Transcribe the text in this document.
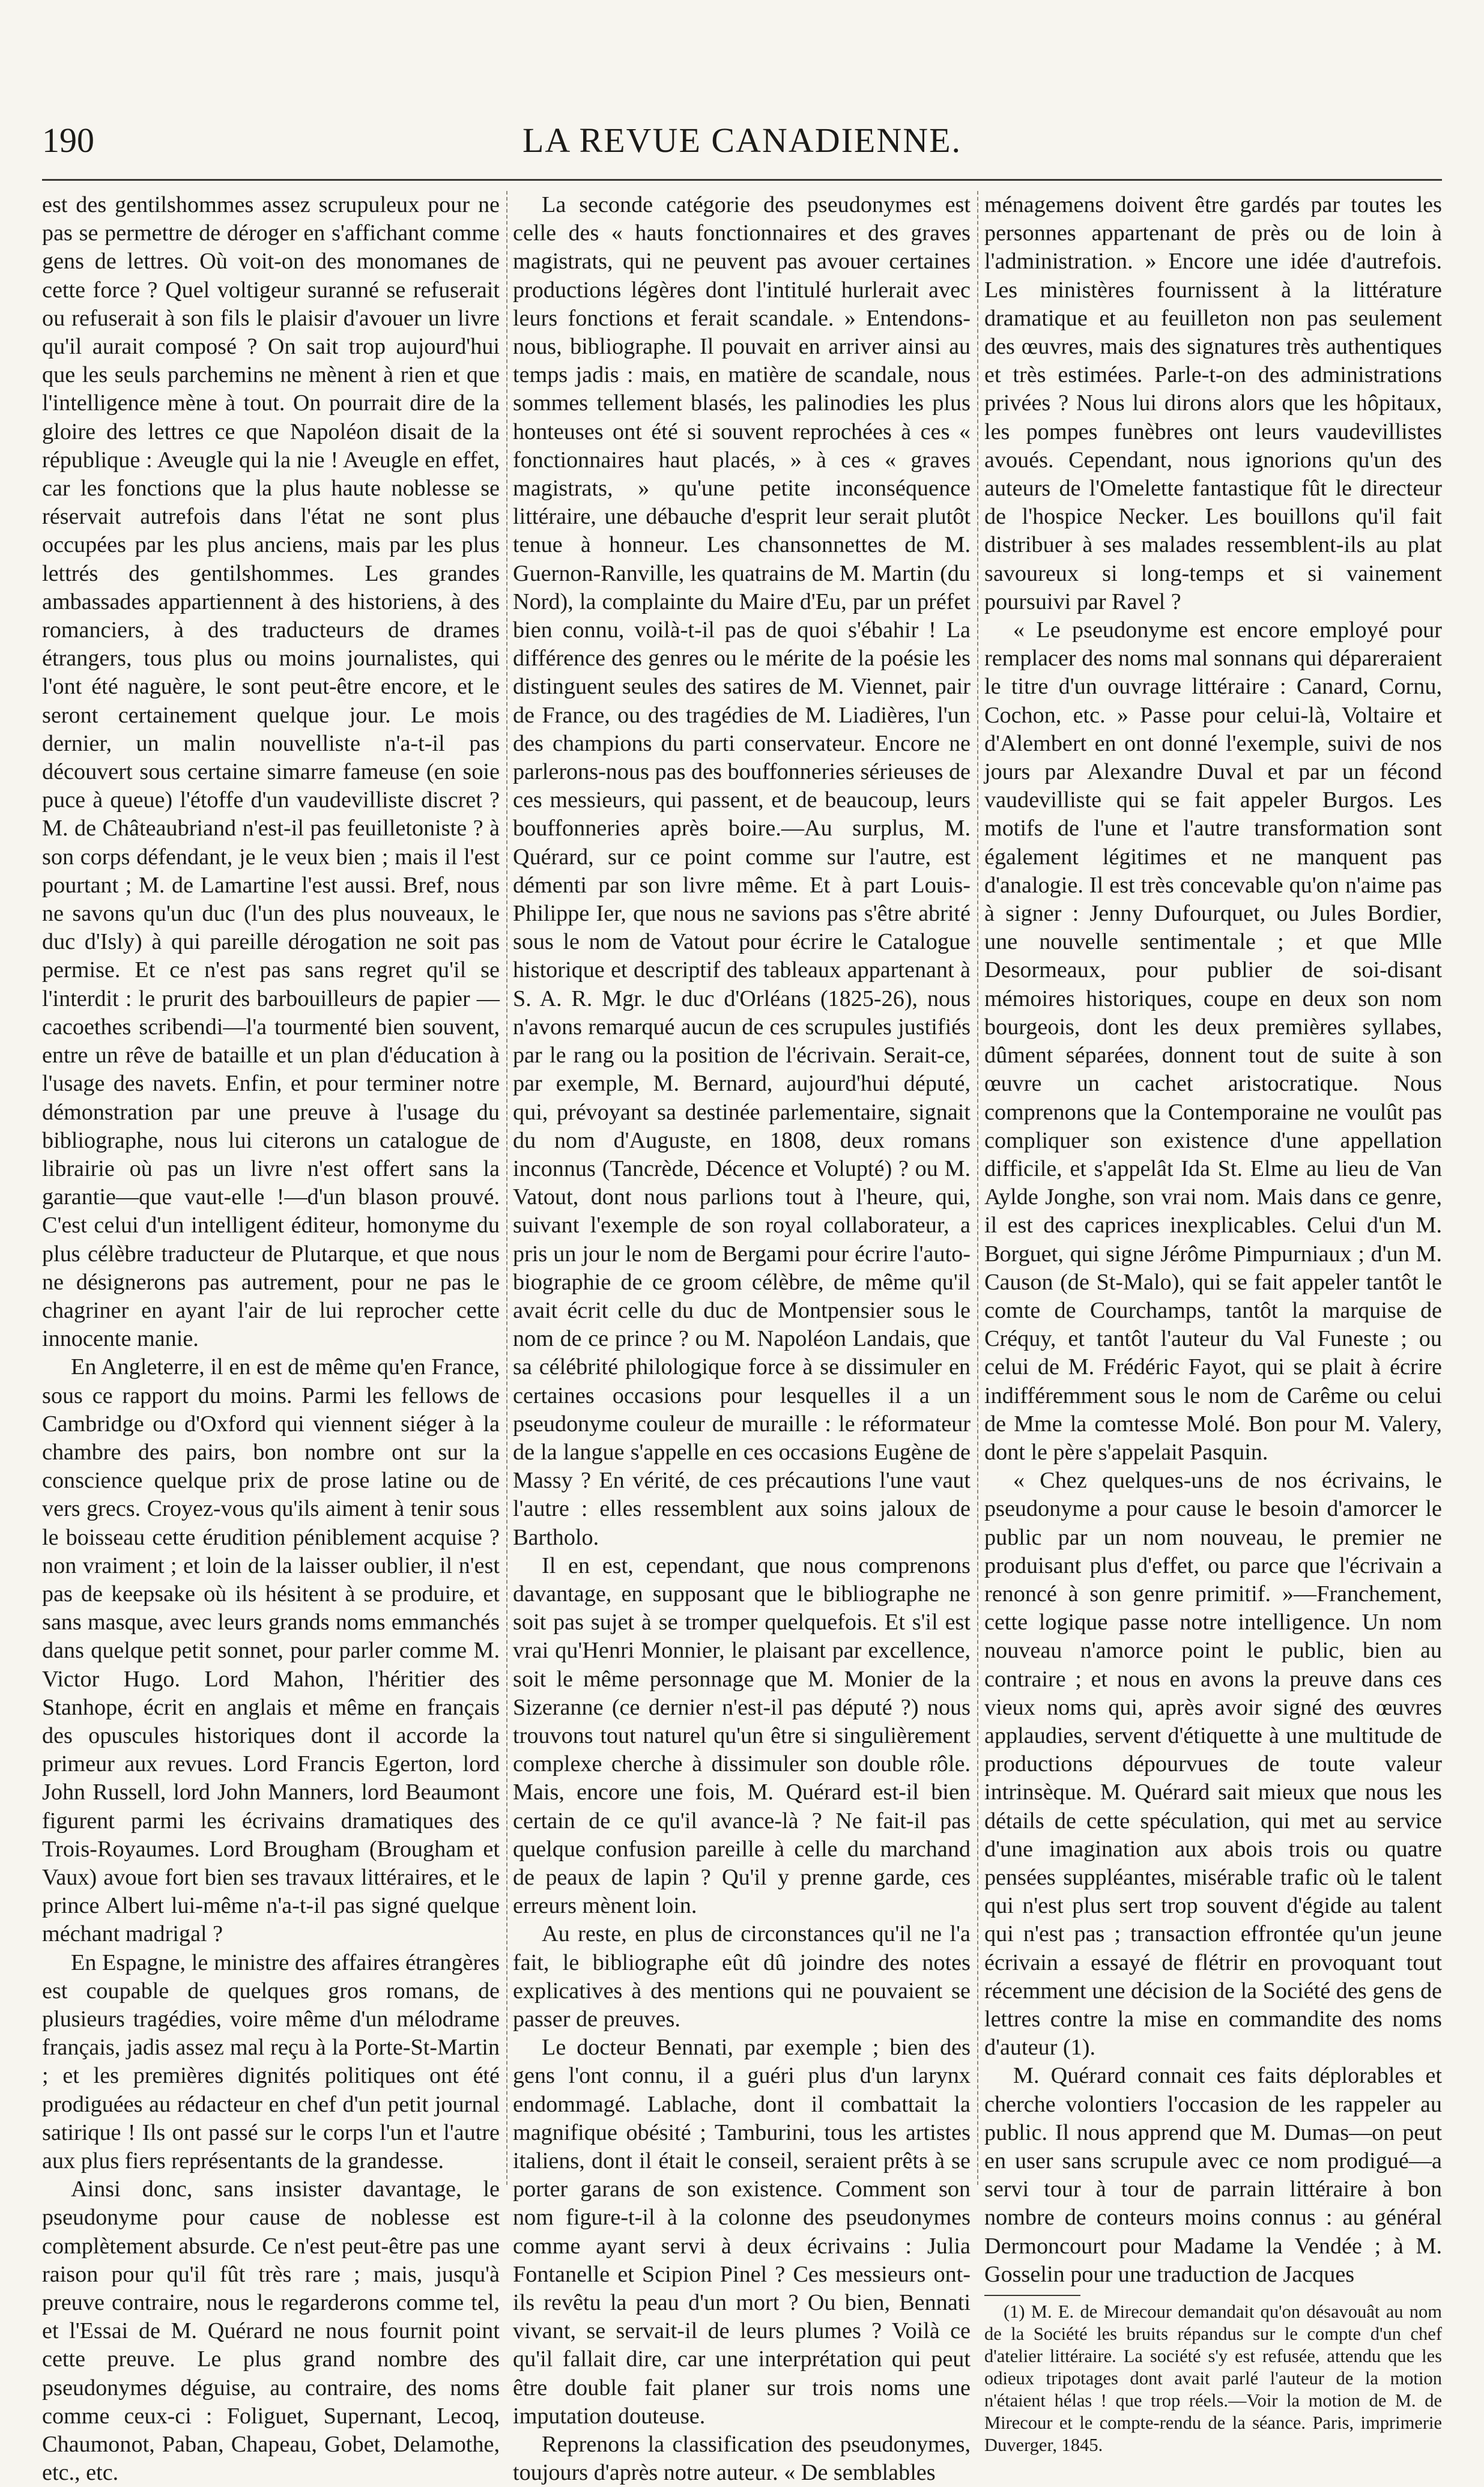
190	LA REVUE CANADIENNE.

est des gentilshommes assez scrupuleux pour ne pas se permettre de déroger en s'affichant comme gens de lettres. Où voit-on des monomanes de cette force ? Quel voltigeur suranné se refuserait ou refuserait à son fils le plaisir d'avouer un livre qu'il aurait composé ? On sait trop aujourd'hui que les seuls parchemins ne mènent à rien et que l'intelligence mène à tout. On pourrait dire de la gloire des lettres ce que Napoléon disait de la république : Aveugle qui la nie ! Aveugle en effet, car les fonctions que la plus haute noblesse se réservait autrefois dans l'état ne sont plus occupées par les plus anciens, mais par les plus lettrés des gentilshommes. Les grandes ambassades appartiennent à des historiens, à des romanciers, à des traducteurs de drames étrangers, tous plus ou moins journalistes, qui l'ont été naguère, le sont peut-être encore, et le seront certainement quelque jour. Le mois dernier, un malin nouvelliste n'a-t-il pas découvert sous certaine simarre fameuse (en soie puce à queue) l'étoffe d'un vaudevilliste discret ? M. de Châteaubriand n'est-il pas feuilletoniste ? à son corps défendant, je le veux bien ; mais il l'est pourtant ; M. de Lamartine l'est aussi. Bref, nous ne savons qu'un duc (l'un des plus nouveaux, le duc d'Isly) à qui pareille dérogation ne soit pas permise. Et ce n'est pas sans regret qu'il se l'interdit : le prurit des barbouilleurs de papier —cacoethes scribendi—l'a tourmenté bien souvent, entre un rêve de bataille et un plan d'éducation à l'usage des navets. Enfin, et pour terminer notre démonstration par une preuve à l'usage du bibliographe, nous lui citerons un catalogue de librairie où pas un livre n'est offert sans la garantie—que vaut-elle !—d'un blason prouvé. C'est celui d'un intelligent éditeur, homonyme du plus célèbre traducteur de Plutarque, et que nous ne désignerons pas autrement, pour ne pas le chagriner en ayant l'air de lui reprocher cette innocente manie.

En Angleterre, il en est de même qu'en France, sous ce rapport du moins. Parmi les fellows de Cambridge ou d'Oxford qui viennent siéger à la chambre des pairs, bon nombre ont sur la conscience quelque prix de prose latine ou de vers grecs. Croyez-vous qu'ils aiment à tenir sous le boisseau cette érudition péniblement acquise ? non vraiment ; et loin de la laisser oublier, il n'est pas de keepsake où ils hésitent à se produire, et sans masque, avec leurs grands noms emmanchés dans quelque petit sonnet, pour parler comme M. Victor Hugo. Lord Mahon, l'héritier des Stanhope, écrit en anglais et même en français des opuscules historiques dont il accorde la primeur aux revues. Lord Francis Egerton, lord John Russell, lord John Manners, lord Beaumont figurent parmi les écrivains dramatiques des Trois-Royaumes. Lord Brougham (Brougham et Vaux) avoue fort bien ses travaux littéraires, et le prince Albert lui-même n'a-t-il pas signé quelque méchant madrigal ?

En Espagne, le ministre des affaires étrangères est coupable de quelques gros romans, de plusieurs tragédies, voire même d'un mélodrame français, jadis assez mal reçu à la Porte-St-Martin ; et les premières dignités politiques ont été prodiguées au rédacteur en chef d'un petit journal satirique ! Ils ont passé sur le corps l'un et l'autre aux plus fiers représentants de la grandesse.

Ainsi donc, sans insister davantage, le pseudonyme pour cause de noblesse est complètement absurde. Ce n'est peut-être pas une raison pour qu'il fût très rare ; mais, jusqu'à preuve contraire, nous le regarderons comme tel, et l'Essai de M. Quérard ne nous fournit point cette preuve. Le plus grand nombre des pseudonymes déguise, au contraire, des noms comme ceux-ci : Foliguet, Supernant, Lecoq, Chaumonot, Paban, Chapeau, Gobet, Delamothe, etc., etc.

La seconde catégorie des pseudonymes est celle des « hauts fonctionnaires et des graves magistrats, qui ne peuvent pas avouer certaines productions légères dont l'intitulé hurlerait avec leurs fonctions et ferait scandale. » Entendons-nous, bibliographe. Il pouvait en arriver ainsi au temps jadis : mais, en matière de scandale, nous sommes tellement blasés, les palinodies les plus honteuses ont été si souvent reprochées à ces « fonctionnaires haut placés, » à ces « graves magistrats, » qu'une petite inconséquence littéraire, une débauche d'esprit leur serait plutôt tenue à honneur. Les chansonnettes de M. Guernon-Ranville, les quatrains de M. Martin (du Nord), la complainte du Maire d'Eu, par un préfet bien connu, voilà-t-il pas de quoi s'ébahir ! La différence des genres ou le mérite de la poésie les distinguent seules des satires de M. Viennet, pair de France, ou des tragédies de M. Liadières, l'un des champions du parti conservateur. Encore ne parlerons-nous pas des bouffonneries sérieuses de ces messieurs, qui passent, et de beaucoup, leurs bouffonneries après boire.—Au surplus, M. Quérard, sur ce point comme sur l'autre, est démenti par son livre même. Et à part Louis-Philippe Ier, que nous ne savions pas s'être abrité sous le nom de Vatout pour écrire le Catalogue historique et descriptif des tableaux appartenant à S. A. R. Mgr. le duc d'Orléans (1825-26), nous n'avons remarqué aucun de ces scrupules justifiés par le rang ou la position de l'écrivain. Serait-ce, par exemple, M. Bernard, aujourd'hui député, qui, prévoyant sa destinée parlementaire, signait du nom d'Auguste, en 1808, deux romans inconnus (Tancrède, Décence et Volupté) ? ou M. Vatout, dont nous parlions tout à l'heure, qui, suivant l'exemple de son royal collaborateur, a pris un jour le nom de Bergami pour écrire l'auto-biographie de ce groom célèbre, de même qu'il avait écrit celle du duc de Montpensier sous le nom de ce prince ? ou M. Napoléon Landais, que sa célébrité philologique force à se dissimuler en certaines occasions pour lesquelles il a un pseudonyme couleur de muraille : le réformateur de la langue s'appelle en ces occasions Eugène de Massy ? En vérité, de ces précautions l'une vaut l'autre : elles ressemblent aux soins jaloux de Bartholo.

Il en est, cependant, que nous comprenons davantage, en supposant que le bibliographe ne soit pas sujet à se tromper quelquefois. Et s'il est vrai qu'Henri Monnier, le plaisant par excellence, soit le même personnage que M. Monier de la Sizeranne (ce dernier n'est-il pas député ?) nous trouvons tout naturel qu'un être si singulièrement complexe cherche à dissimuler son double rôle. Mais, encore une fois, M. Quérard est-il bien certain de ce qu'il avance-là ? Ne fait-il pas quelque confusion pareille à celle du marchand de peaux de lapin ? Qu'il y prenne garde, ces erreurs mènent loin.

Au reste, en plus de circonstances qu'il ne l'a fait, le bibliographe eût dû joindre des notes explicatives à des mentions qui ne pouvaient se passer de preuves.

Le docteur Bennati, par exemple ; bien des gens l'ont connu, il a guéri plus d'un larynx endommagé. Lablache, dont il combattait la magnifique obésité ; Tamburini, tous les artistes italiens, dont il était le conseil, seraient prêts à se porter garans de son existence. Comment son nom figure-t-il à la colonne des pseudonymes comme ayant servi à deux écrivains : Julia Fontanelle et Scipion Pinel ? Ces messieurs ont-ils revêtu la peau d'un mort ? Ou bien, Bennati vivant, se servait-il de leurs plumes ? Voilà ce qu'il fallait dire, car une interprétation qui peut être double fait planer sur trois noms une imputation douteuse.

Reprenons la classification des pseudonymes, toujours d'après notre auteur. « De semblables

ménagemens doivent être gardés par toutes les personnes appartenant de près ou de loin à l'administration. » Encore une idée d'autrefois. Les ministères fournissent à la littérature dramatique et au feuilleton non pas seulement des œuvres, mais des signatures très authentiques et très estimées. Parle-t-on des administrations privées ? Nous lui dirons alors que les hôpitaux, les pompes funèbres ont leurs vaudevillistes avoués. Cependant, nous ignorions qu'un des auteurs de l'Omelette fantastique fût le directeur de l'hospice Necker. Les bouillons qu'il fait distribuer à ses malades ressemblent-ils au plat savoureux si long-temps et si vainement poursuivi par Ravel ?

« Le pseudonyme est encore employé pour remplacer des noms mal sonnans qui dépareraient le titre d'un ouvrage littéraire : Canard, Cornu, Cochon, etc. » Passe pour celui-là, Voltaire et d'Alembert en ont donné l'exemple, suivi de nos jours par Alexandre Duval et par un fécond vaudevilliste qui se fait appeler Burgos. Les motifs de l'une et l'autre transformation sont également légitimes et ne manquent pas d'analogie. Il est très concevable qu'on n'aime pas à signer : Jenny Dufourquet, ou Jules Bordier, une nouvelle sentimentale ; et que Mlle Desormeaux, pour publier de soi-disant mémoires historiques, coupe en deux son nom bourgeois, dont les deux premières syllabes, dûment séparées, donnent tout de suite à son œuvre un cachet aristocratique. Nous comprenons que la Contemporaine ne voulût pas compliquer son existence d'une appellation difficile, et s'appelât Ida St. Elme au lieu de Van Aylde Jonghe, son vrai nom. Mais dans ce genre, il est des caprices inexplicables. Celui d'un M. Borguet, qui signe Jérôme Pimpurniaux ; d'un M. Causon (de St-Malo), qui se fait appeler tantôt le comte de Courchamps, tantôt la marquise de Créquy, et tantôt l'auteur du Val Funeste ; ou celui de M. Frédéric Fayot, qui se plait à écrire indifféremment sous le nom de Carême ou celui de Mme la comtesse Molé. Bon pour M. Valery, dont le père s'appelait Pasquin.

« Chez quelques-uns de nos écrivains, le pseudonyme a pour cause le besoin d'amorcer le public par un nom nouveau, le premier ne produisant plus d'effet, ou parce que l'écrivain a renoncé à son genre primitif. »—Franchement, cette logique passe notre intelligence. Un nom nouveau n'amorce point le public, bien au contraire ; et nous en avons la preuve dans ces vieux noms qui, après avoir signé des œuvres applaudies, servent d'étiquette à une multitude de productions dépourvues de toute valeur intrinsèque. M. Quérard sait mieux que nous les détails de cette spéculation, qui met au service d'une imagination aux abois trois ou quatre pensées suppléantes, misérable trafic où le talent qui n'est plus sert trop souvent d'égide au talent qui n'est pas ; transaction effrontée qu'un jeune écrivain a essayé de flétrir en provoquant tout récemment une décision de la Société des gens de lettres contre la mise en commandite des noms d'auteur (1).

M. Quérard connait ces faits déplorables et cherche volontiers l'occasion de les rappeler au public. Il nous apprend que M. Dumas—on peut en user sans scrupule avec ce nom prodigué—a servi tour à tour de parrain littéraire à bon nombre de conteurs moins connus : au général Dermoncourt pour Madame la Vendée ; à M. Gosselin pour une traduction de Jacques

(1) M. E. de Mirecour demandait qu'on désavouât au nom de la Société les bruits répandus sur le compte d'un chef d'atelier littéraire. La société s'y est refusée, attendu que les odieux tripotages dont avait parlé l'auteur de la motion n'étaient hélas ! que trop réels.—Voir la motion de M. de Mirecour et le compte-rendu de la séance. Paris, imprimerie Duverger, 1845.
